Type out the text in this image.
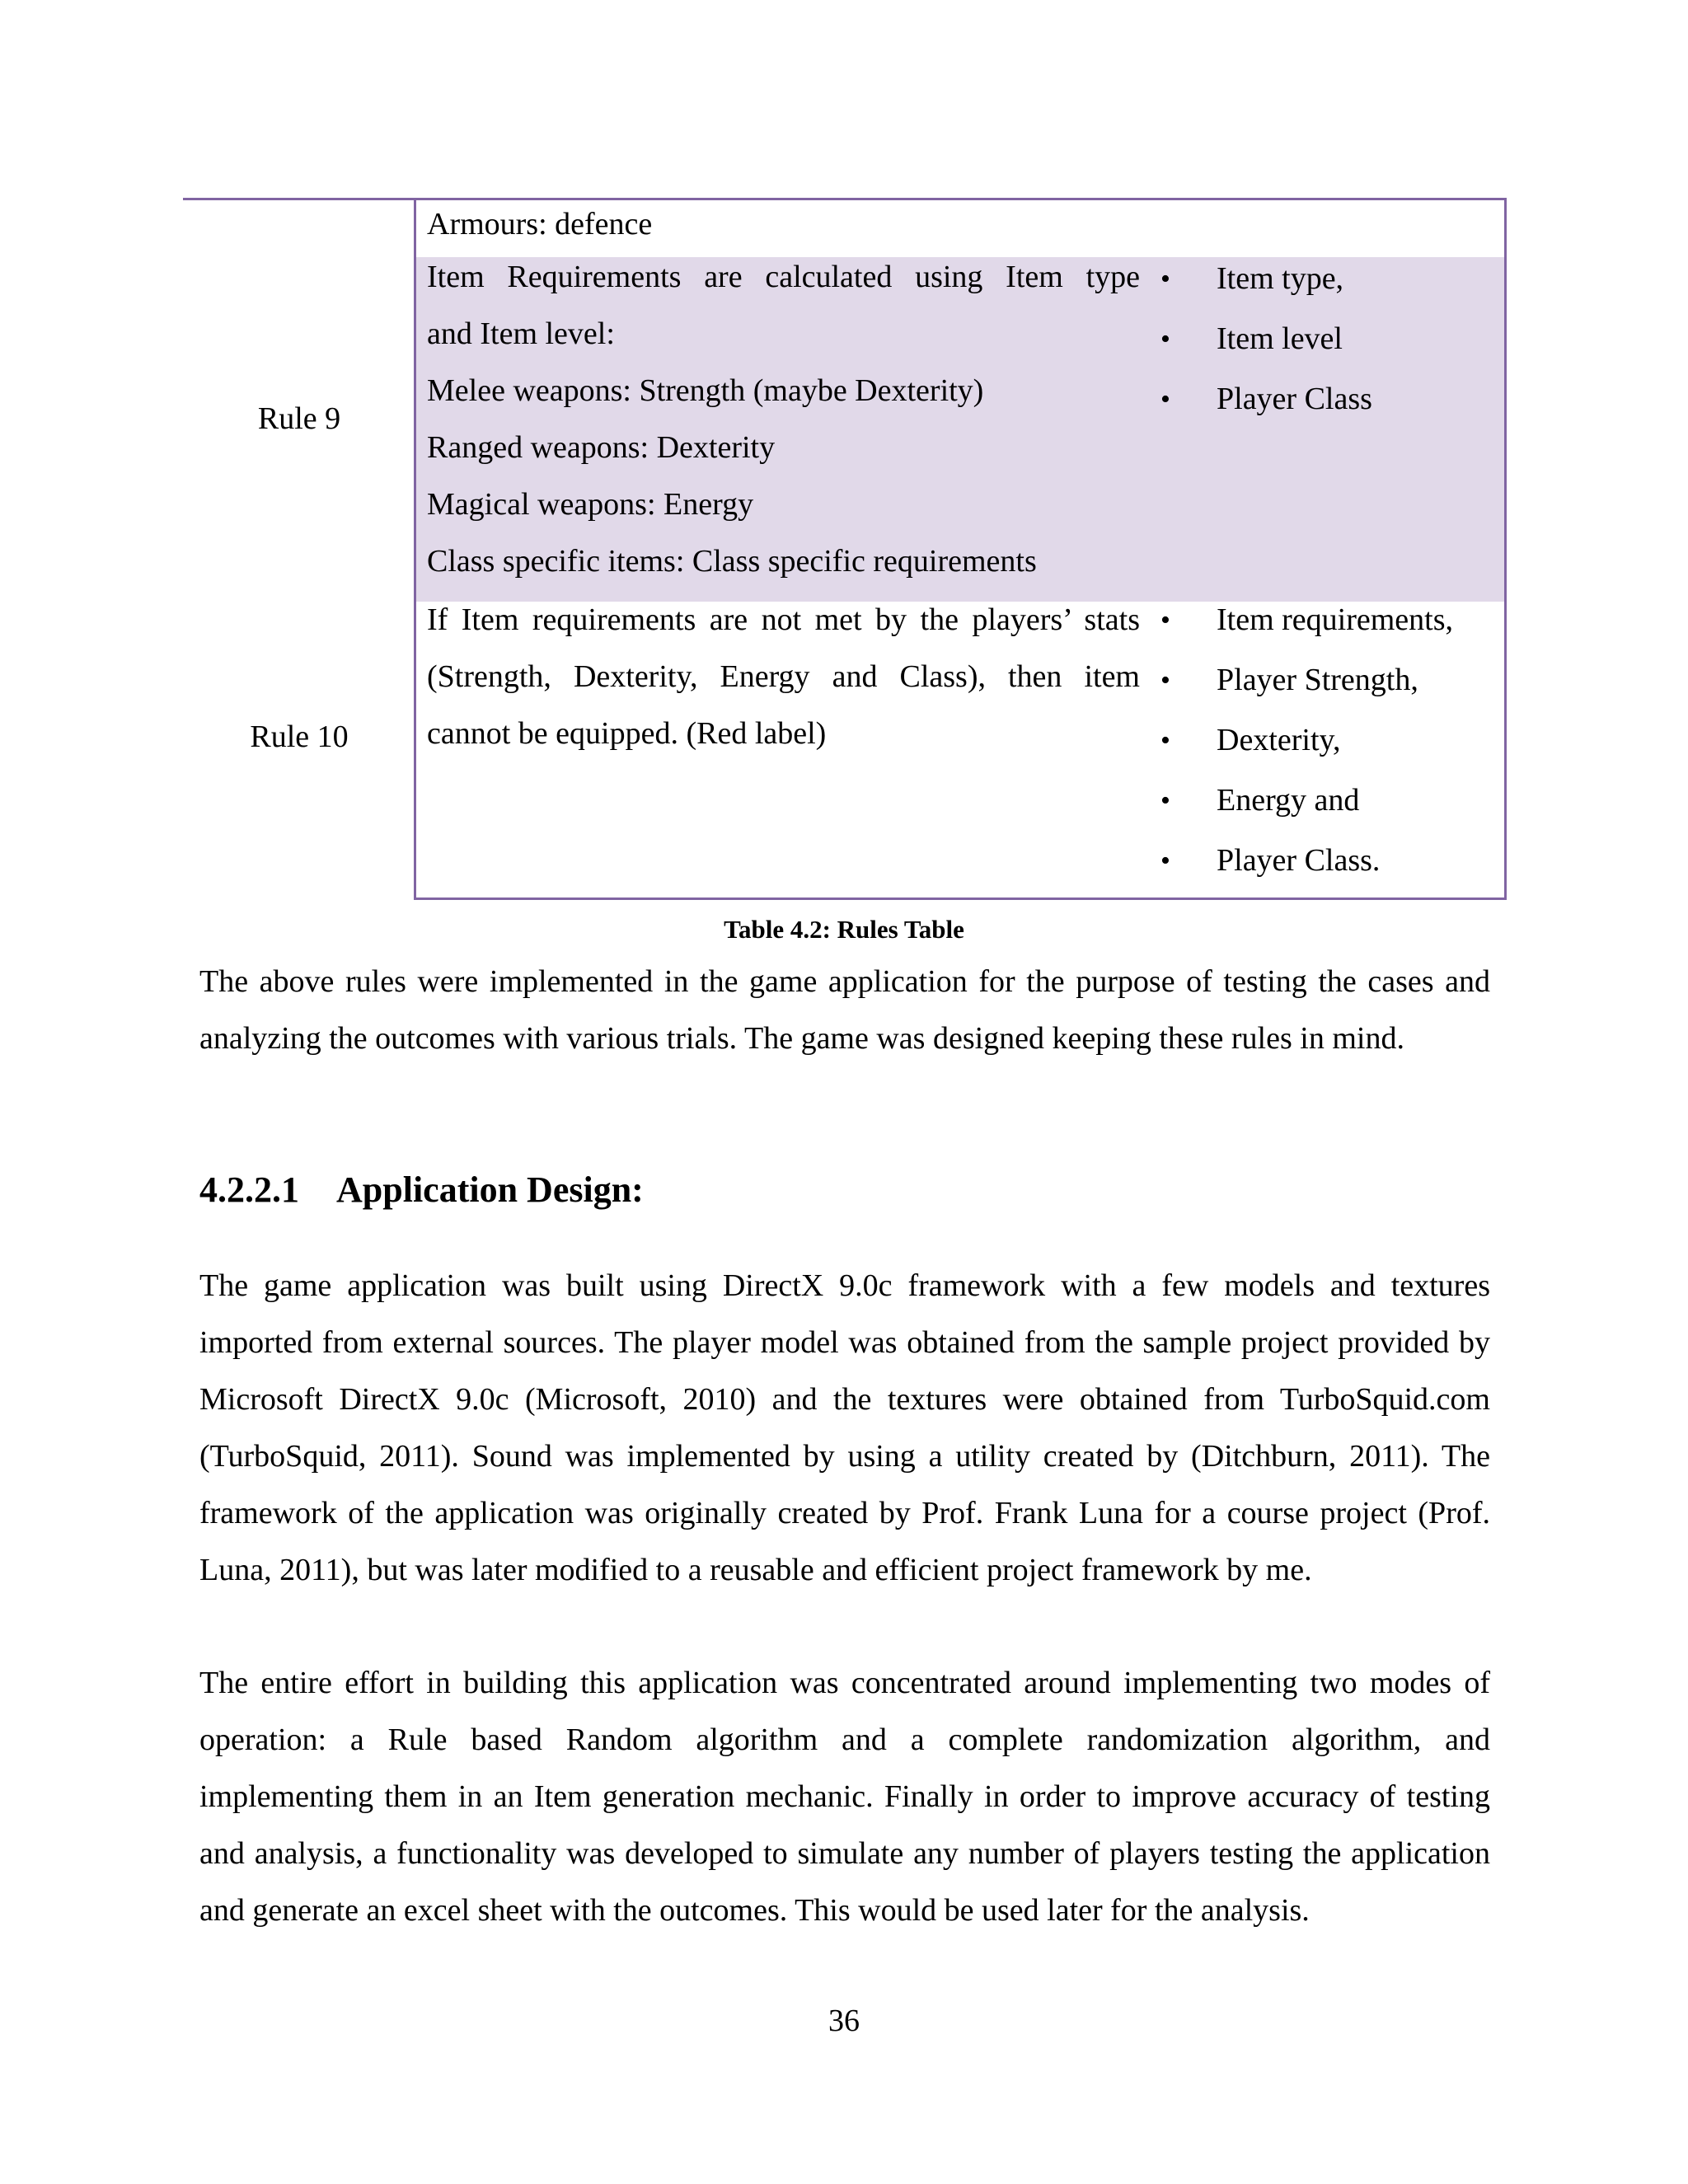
Armours: defence
Rule 9
Item Requirements are calculated using Item type
and Item level:
Melee weapons: Strength (maybe Dexterity)
Ranged weapons: Dexterity
Magical weapons: Energy
Class specific items: Class specific requirements
• Item type,
• Item level
• Player Class
Rule 10
If Item requirements are not met by the players’ stats
(Strength, Dexterity, Energy and Class), then item
cannot be equipped. (Red label)
• Item requirements,
• Player Strength,
• Dexterity,
• Energy and
• Player Class.
Table 4.2: Rules Table

The above rules were implemented in the game application for the purpose of testing the cases and analyzing the outcomes with various trials. The game was designed keeping these rules in mind.

4.2.2.1 Application Design:

The game application was built using DirectX 9.0c framework with a few models and textures imported from external sources. The player model was obtained from the sample project provided by Microsoft DirectX 9.0c (Microsoft, 2010) and the textures were obtained from TurboSquid.com (TurboSquid, 2011). Sound was implemented by using a utility created by (Ditchburn, 2011). The framework of the application was originally created by Prof. Frank Luna for a course project (Prof. Luna, 2011), but was later modified to a reusable and efficient project framework by me.

The entire effort in building this application was concentrated around implementing two modes of operation: a Rule based Random algorithm and a complete randomization algorithm, and implementing them in an Item generation mechanic. Finally in order to improve accuracy of testing and analysis, a functionality was developed to simulate any number of players testing the application and generate an excel sheet with the outcomes. This would be used later for the analysis.

36
